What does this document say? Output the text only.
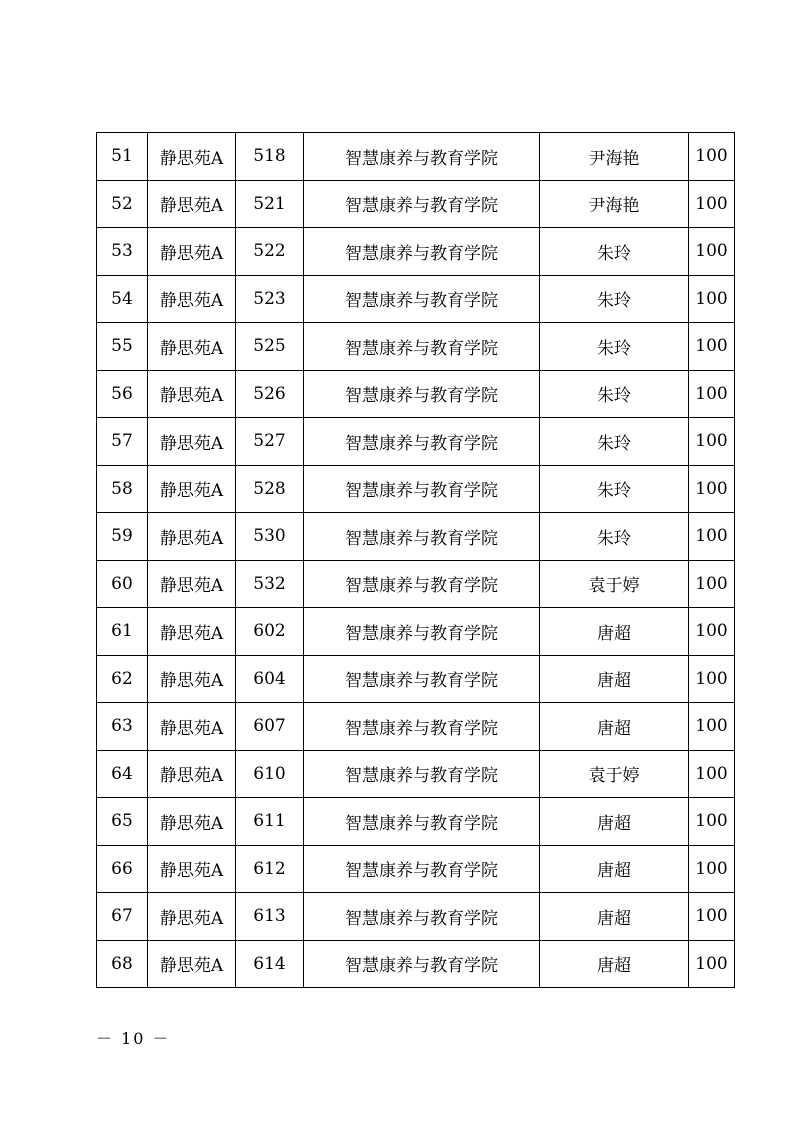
51	静思苑A	518	智慧康养与教育学院	尹海艳	100
52	静思苑A	521	智慧康养与教育学院	尹海艳	100
53	静思苑A	522	智慧康养与教育学院	朱玲	100
54	静思苑A	523	智慧康养与教育学院	朱玲	100
55	静思苑A	525	智慧康养与教育学院	朱玲	100
56	静思苑A	526	智慧康养与教育学院	朱玲	100
57	静思苑A	527	智慧康养与教育学院	朱玲	100
58	静思苑A	528	智慧康养与教育学院	朱玲	100
59	静思苑A	530	智慧康养与教育学院	朱玲	100
60	静思苑A	532	智慧康养与教育学院	袁于婷	100
61	静思苑A	602	智慧康养与教育学院	唐超	100
62	静思苑A	604	智慧康养与教育学院	唐超	100
63	静思苑A	607	智慧康养与教育学院	唐超	100
64	静思苑A	610	智慧康养与教育学院	袁于婷	100
65	静思苑A	611	智慧康养与教育学院	唐超	100
66	静思苑A	612	智慧康养与教育学院	唐超	100
67	静思苑A	613	智慧康养与教育学院	唐超	100
68	静思苑A	614	智慧康养与教育学院	唐超	100
－ 10 －
